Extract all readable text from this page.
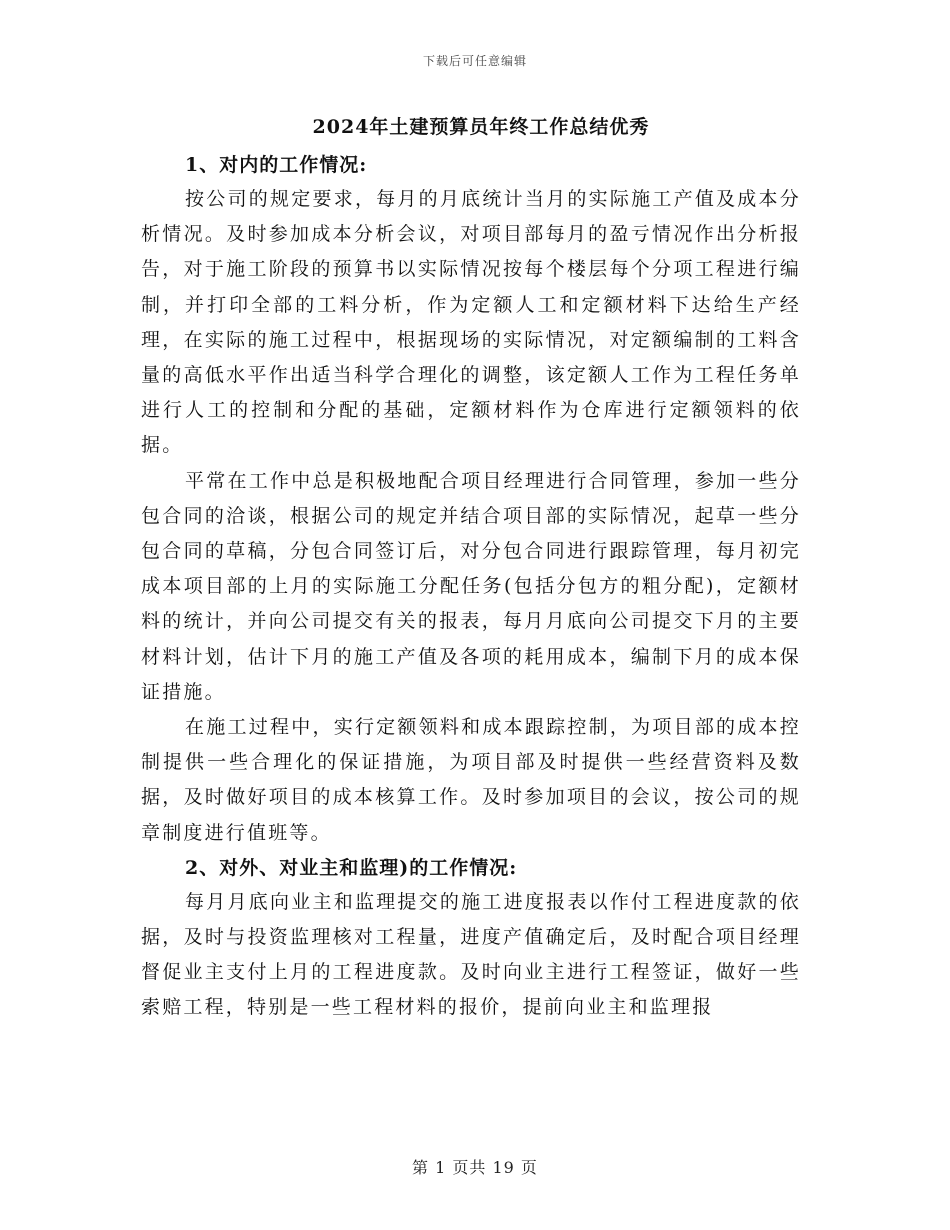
下载后可任意编辑
2024年土建预算员年终工作总结优秀
1、对内的工作情况:

按公司的规定要求，每月的月底统计当月的实际施工产值及成本分析情况。及时参加成本分析会议，对项目部每月的盈亏情况作出分析报告，对于施工阶段的预算书以实际情况按每个楼层每个分项工程进行编制，并打印全部的工料分析，作为定额人工和定额材料下达给生产经理，在实际的施工过程中，根据现场的实际情况，对定额编制的工料含量的高低水平作出适当科学合理化的调整，该定额人工作为工程任务单进行人工的控制和分配的基础，定额材料作为仓库进行定额领料的依据。

平常在工作中总是积极地配合项目经理进行合同管理，参加一些分包合同的洽谈，根据公司的规定并结合项目部的实际情况，起草一些分包合同的草稿，分包合同签订后，对分包合同进行跟踪管理，每月初完成本项目部的上月的实际施工分配任务(包括分包方的粗分配)，定额材料的统计，并向公司提交有关的报表，每月月底向公司提交下月的主要材料计划，估计下月的施工产值及各项的耗用成本，编制下月的成本保证措施。

在施工过程中，实行定额领料和成本跟踪控制，为项目部的成本控制提供一些合理化的保证措施，为项目部及时提供一些经营资料及数据，及时做好项目的成本核算工作。及时参加项目的会议，按公司的规章制度进行值班等。

2、对外、对业主和监理)的工作情况:

每月月底向业主和监理提交的施工进度报表以作付工程进度款的依据，及时与投资监理核对工程量，进度产值确定后，及时配合项目经理督促业主支付上月的工程进度款。及时向业主进行工程签证，做好一些索赔工程，特别是一些工程材料的报价，提前向业主和监理报

第 1 页共 19 页
